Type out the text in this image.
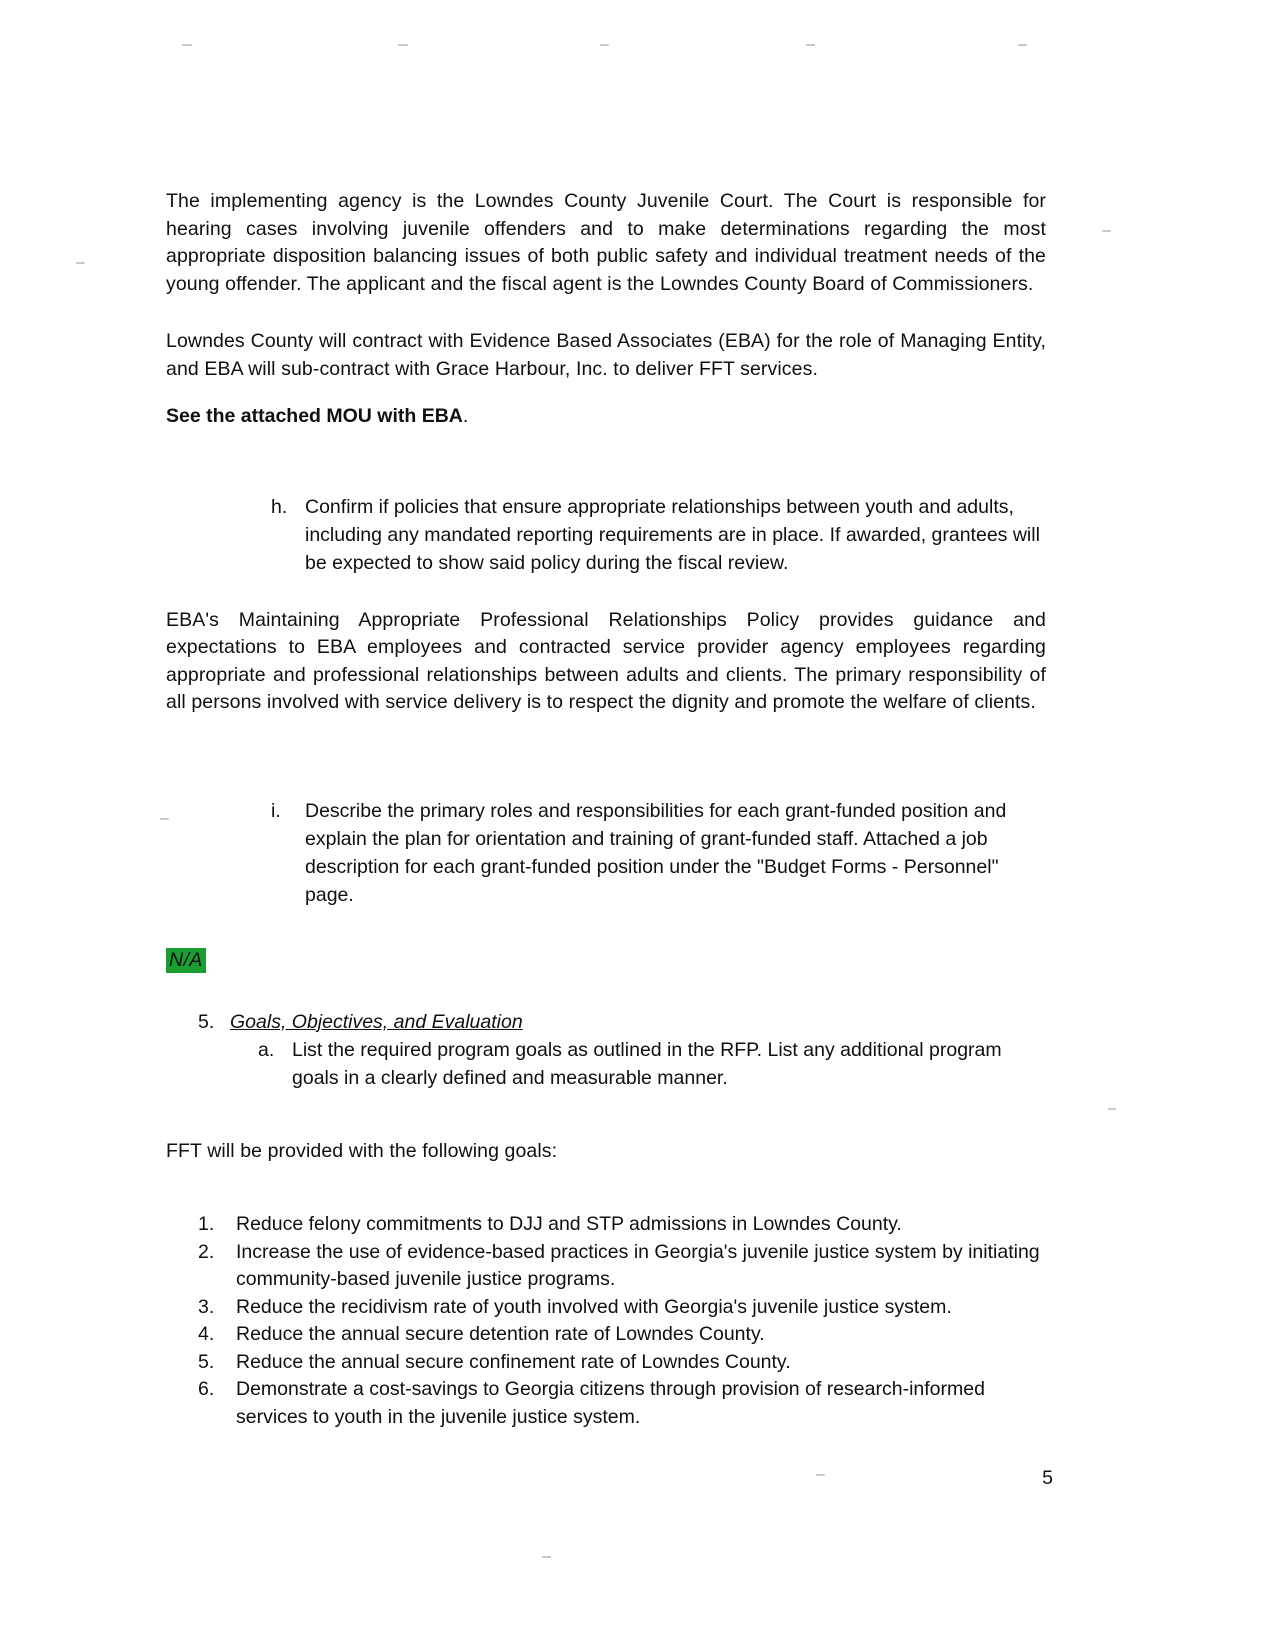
The implementing agency is the Lowndes County Juvenile Court. The Court is responsible for hearing cases involving juvenile offenders and to make determinations regarding the most appropriate disposition balancing issues of both public safety and individual treatment needs of the young offender. The applicant and the fiscal agent is the Lowndes County Board of Commissioners.

Lowndes County will contract with Evidence Based Associates (EBA) for the role of Managing Entity, and EBA will sub-contract with Grace Harbour, Inc. to deliver FFT services.

See the attached MOU with EBA.

h. Confirm if policies that ensure appropriate relationships between youth and adults, including any mandated reporting requirements are in place. If awarded, grantees will be expected to show said policy during the fiscal review.

EBA's Maintaining Appropriate Professional Relationships Policy provides guidance and expectations to EBA employees and contracted service provider agency employees regarding appropriate and professional relationships between adults and clients. The primary responsibility of all persons involved with service delivery is to respect the dignity and promote the welfare of clients.

i.	Describe the primary roles and responsibilities for each grant-funded position and explain the plan for orientation and training of grant-funded staff. Attached a job description for each grant-funded position under the "Budget Forms - Personnel" page.
N/A
5. Goals, Objectives, and Evaluation
a. List the required program goals as outlined in the RFP. List any additional program goals in a clearly defined and measurable manner.

FFT will be provided with the following goals:

1.	Reduce felony commitments to DJJ and STP admissions in Lowndes County.
2.	Increase the use of evidence-based practices in Georgia's juvenile justice system by initiating community-based juvenile justice programs.
3.	Reduce the recidivism rate of youth involved with Georgia's juvenile justice system.
4.	Reduce the annual secure detention rate of Lowndes County.
5.	Reduce the annual secure confinement rate of Lowndes County.
6.	Demonstrate a cost-savings to Georgia citizens through provision of research-informed services to youth in the juvenile justice system.
5
